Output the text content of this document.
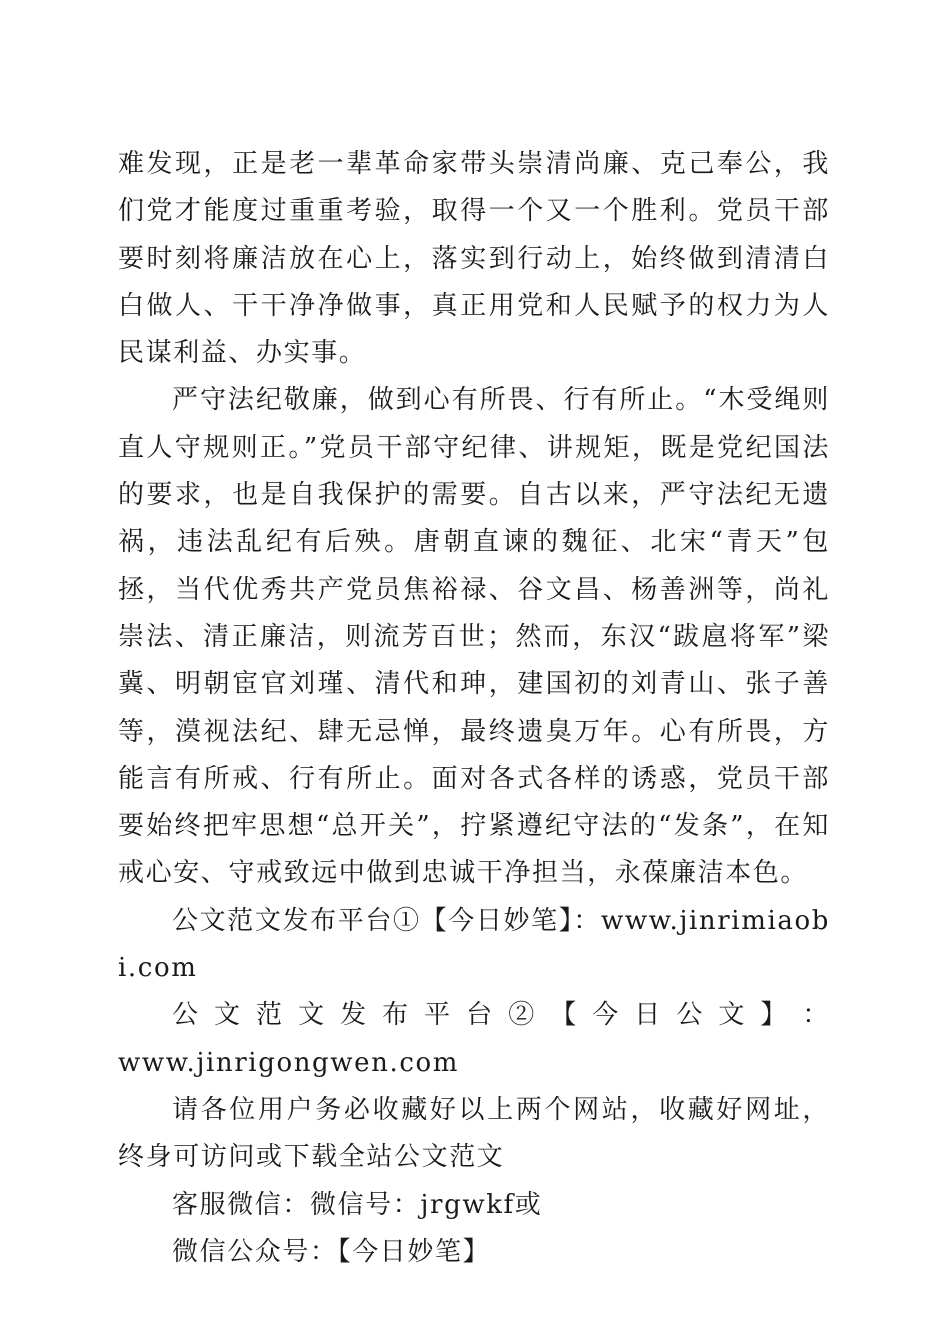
难发现，正是老一辈革命家带头崇清尚廉、克己奉公，我们党才能度过重重考验，取得一个又一个胜利。党员干部要时刻将廉洁放在心上，落实到行动上，始终做到清清白白做人、干干净净做事，真正用党和人民赋予的权力为人民谋利益、办实事。

严守法纪敬廉，做到心有所畏、行有所止。“木受绳则直人守规则正。”党员干部守纪律、讲规矩，既是党纪国法的要求，也是自我保护的需要。自古以来，严守法纪无遗祸，违法乱纪有后殃。唐朝直谏的魏征、北宋“青天”包拯，当代优秀共产党员焦裕禄、谷文昌、杨善洲等，尚礼崇法、清正廉洁，则流芳百世；然而，东汉“跋扈将军”梁冀、明朝宦官刘瑾、清代和珅，建国初的刘青山、张子善等，漠视法纪、肆无忌惮，最终遗臭万年。心有所畏，方能言有所戒、行有所止。面对各式各样的诱惑，党员干部要始终把牢思想“总开关”，拧紧遵纪守法的“发条”，在知戒心安、守戒致远中做到忠诚干净担当，永葆廉洁本色。

公文范文发布平台①【今日妙笔】：www.jinrimiaobi.com

公 文 范 文 发 布 平 台 ② 【 今 日 公 文 】 ：

www.jinrigongwen.com

请各位用户务必收藏好以上两个网站，收藏好网址，终身可访问或下载全站公文范文

客服微信：微信号：jrgwkf或

微信公众号：【今日妙笔】
